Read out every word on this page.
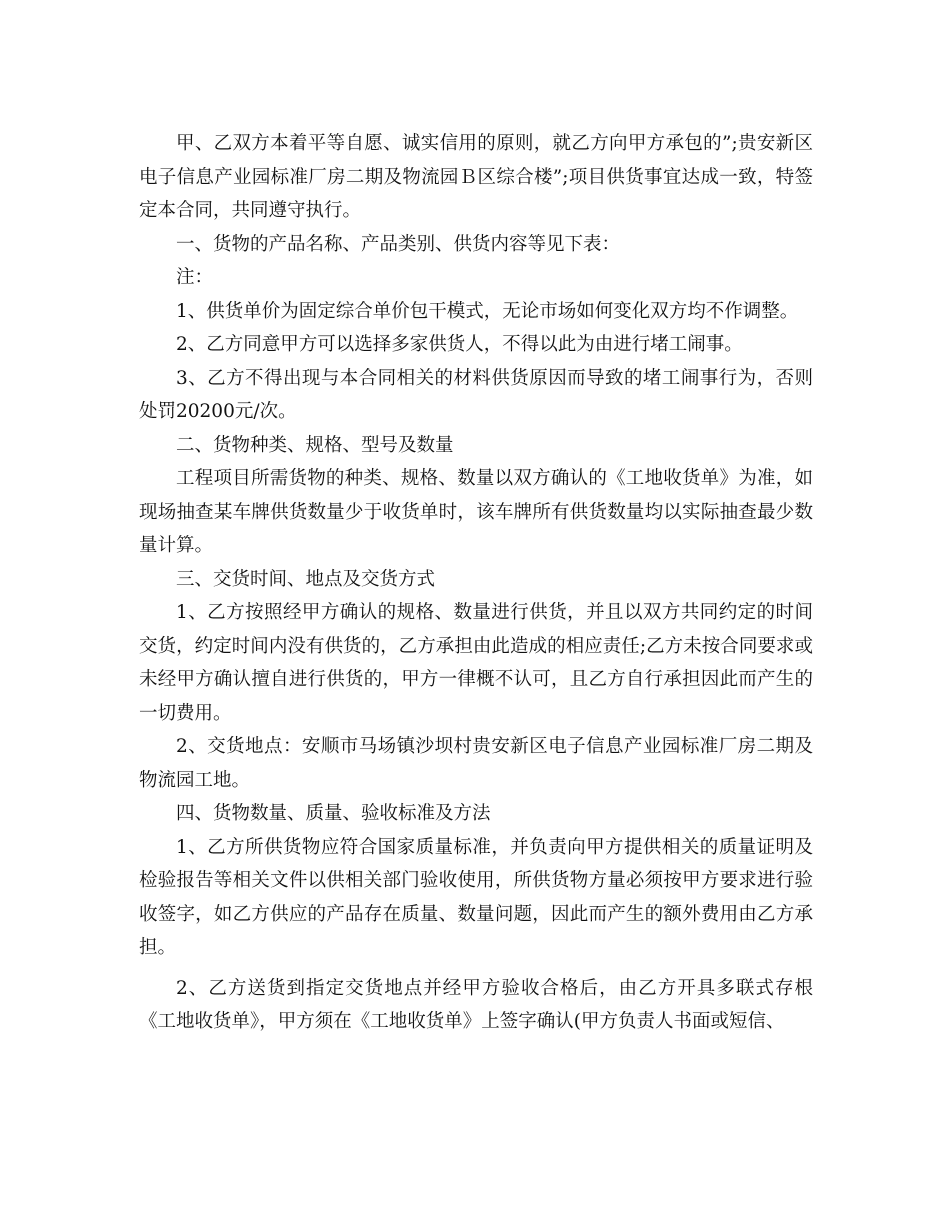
甲、乙双方本着平等自愿、诚实信用的原则，就乙方向甲方承包的”;贵安新区电子信息产业园标准厂房二期及物流园Ｂ区综合楼”;项目供货事宜达成一致，特签定本合同，共同遵守执行。

一、货物的产品名称、产品类别、供货内容等见下表：

注：

1、供货单价为固定综合单价包干模式，无论市场如何变化双方均不作调整。

2、乙方同意甲方可以选择多家供货人，不得以此为由进行堵工闹事。

3、乙方不得出现与本合同相关的材料供货原因而导致的堵工闹事行为，否则处罚20200元/次。

二、货物种类、规格、型号及数量

工程项目所需货物的种类、规格、数量以双方确认的《工地收货单》为准，如现场抽查某车牌供货数量少于收货单时，该车牌所有供货数量均以实际抽查最少数量计算。

三、交货时间、地点及交货方式

1、乙方按照经甲方确认的规格、数量进行供货，并且以双方共同约定的时间交货，约定时间内没有供货的，乙方承担由此造成的相应责任;乙方未按合同要求或未经甲方确认擅自进行供货的，甲方一律概不认可，且乙方自行承担因此而产生的一切费用。

2、交货地点：安顺市马场镇沙坝村贵安新区电子信息产业园标准厂房二期及物流园工地。

四、货物数量、质量、验收标准及方法

1、乙方所供货物应符合国家质量标准，并负责向甲方提供相关的质量证明及检验报告等相关文件以供相关部门验收使用，所供货物方量必须按甲方要求进行验收签字，如乙方供应的产品存在质量、数量问题，因此而产生的额外费用由乙方承担。

2、乙方送货到指定交货地点并经甲方验收合格后，由乙方开具多联式存根《工地收货单》，甲方须在《工地收货单》上签字确认(甲方负责人书面或短信、
